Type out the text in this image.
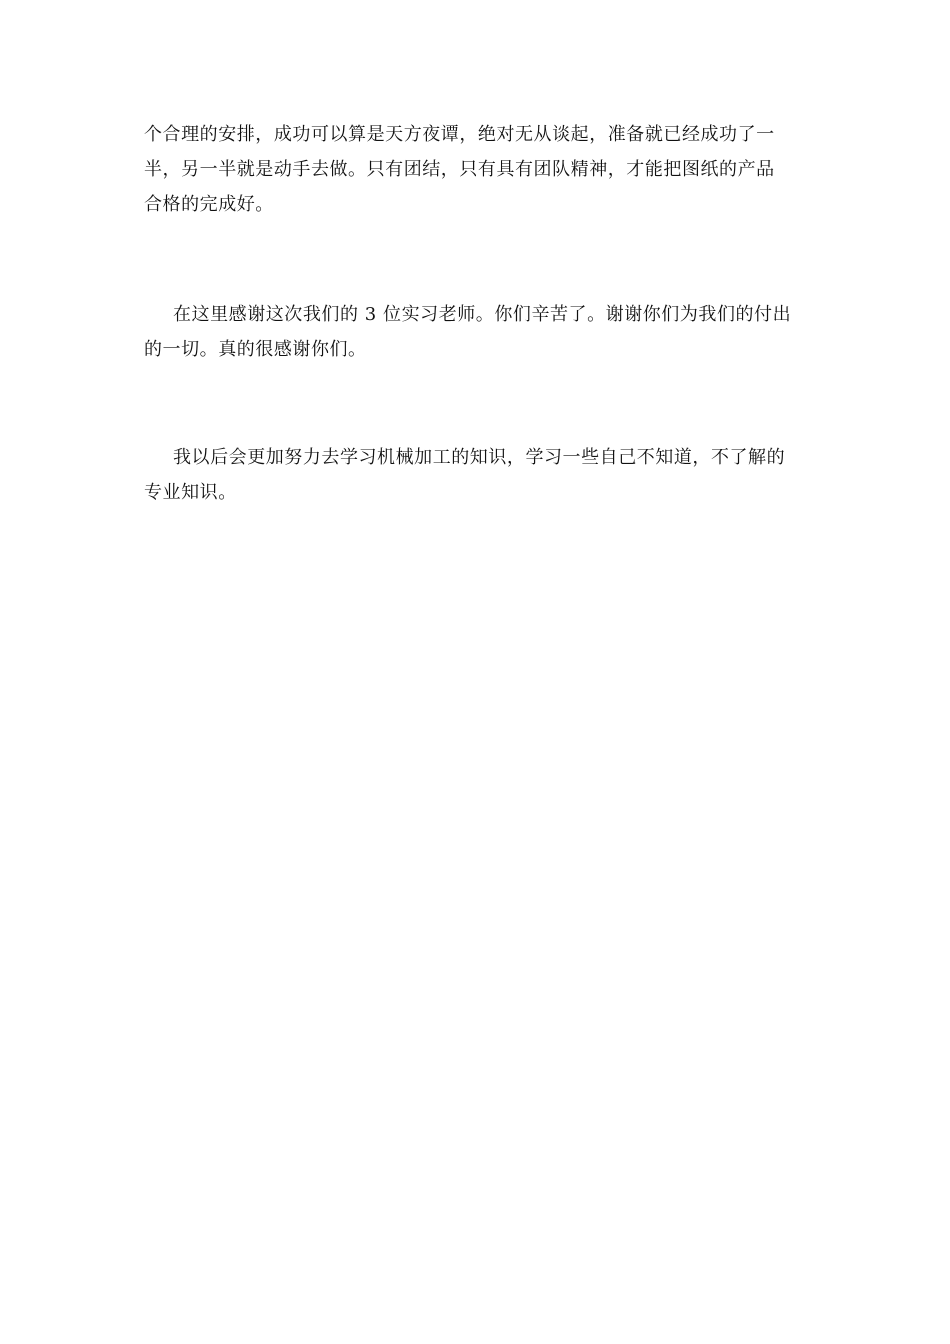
个合理的安排，成功可以算是天方夜谭，绝对无从谈起，准备就已经成功了一
半，另一半就是动手去做。只有团结，只有具有团队精神，才能把图纸的产品
合格的完成好。

在这里感谢这次我们的 3 位实习老师。你们辛苦了。谢谢你们为我们的付出
的一切。真的很感谢你们。

我以后会更加努力去学习机械加工的知识，学习一些自己不知道，不了解的
专业知识。
